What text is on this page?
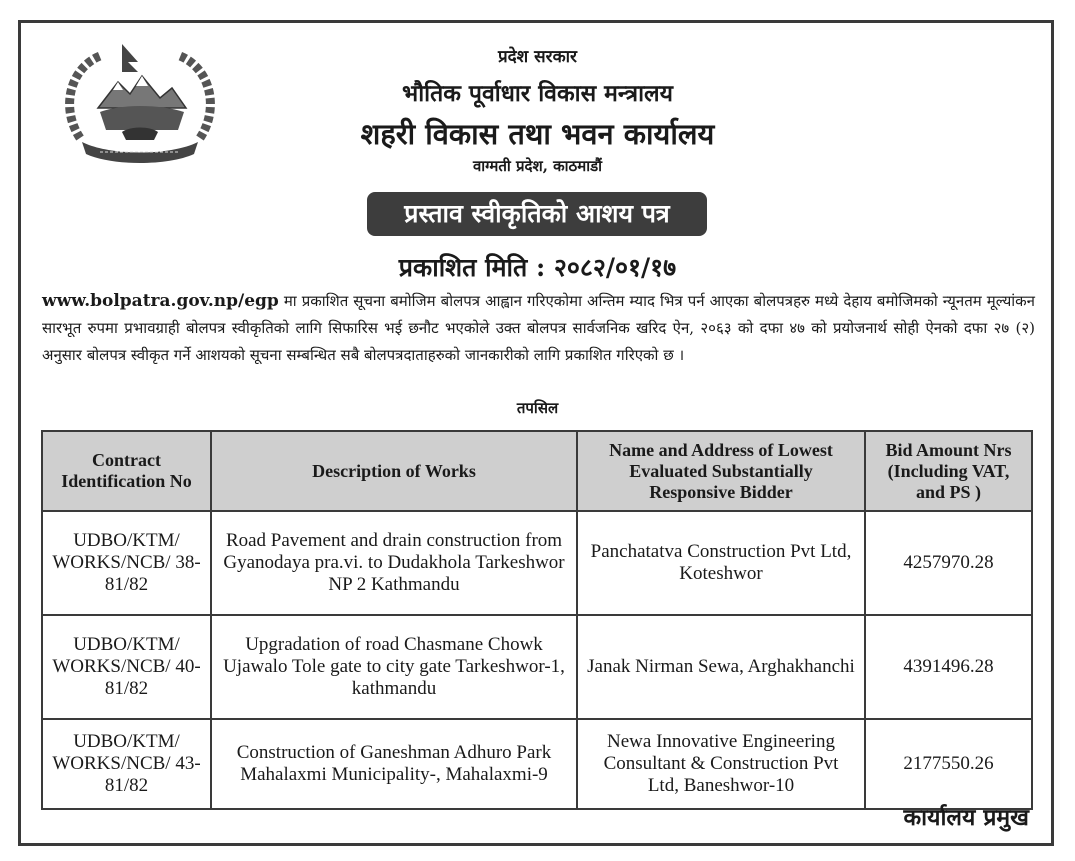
प्रदेश सरकार
भौतिक पूर्वाधार विकास मन्त्रालय
शहरी विकास तथा भवन कार्यालय
वाग्मती प्रदेश, काठमाडौं
प्रस्ताव स्वीकृतिको आशय पत्र
प्रकाशित मिति : २०८२/०१/१७
www.bolpatra.gov.np/egp मा प्रकाशित सूचना बमोजिम बोलपत्र आह्वान गरिएकोमा अन्तिम म्याद भित्र पर्न आएका बोलपत्रहरु मध्ये देहाय बमोजिमको न्यूनतम मूल्यांकन सारभूत रुपमा प्रभावग्राही बोलपत्र स्वीकृतिको लागि सिफारिस भई छनौट भएकोले उक्त बोलपत्र सार्वजनिक खरिद ऐन, २०६३ को दफा ४७ को प्रयोजनार्थ सोही ऐनको दफा २७ (२) अनुसार बोलपत्र स्वीकृत गर्ने आशयको सूचना सम्बन्धित सबै बोलपत्रदाताहरुको जानकारीको लागि प्रकाशित गरिएको छ ।
तपसिल
Contract Identification No	Description of Works	Name and Address of Lowest Evaluated Substantially Responsive Bidder	Bid Amount Nrs (Including VAT, and PS )
UDBO/KTM/ WORKS/NCB/ 38-81/82	Road Pavement and drain construction from Gyanodaya pra.vi. to Dudakhola Tarkeshwor NP 2 Kathmandu	Panchatatva Construction Pvt Ltd, Koteshwor	4257970.28
UDBO/KTM/ WORKS/NCB/ 40-81/82	Upgradation of road Chasmane Chowk Ujawalo Tole gate to city gate Tarkeshwor-1, kathmandu	Janak Nirman Sewa, Arghakhanchi	4391496.28
UDBO/KTM/ WORKS/NCB/ 43-81/82	Construction of Ganeshman Adhuro Park Mahalaxmi Municipality-, Mahalaxmi-9	Newa Innovative Engineering Consultant & Construction Pvt Ltd, Baneshwor-10	2177550.26
कार्यालय प्रमुख
